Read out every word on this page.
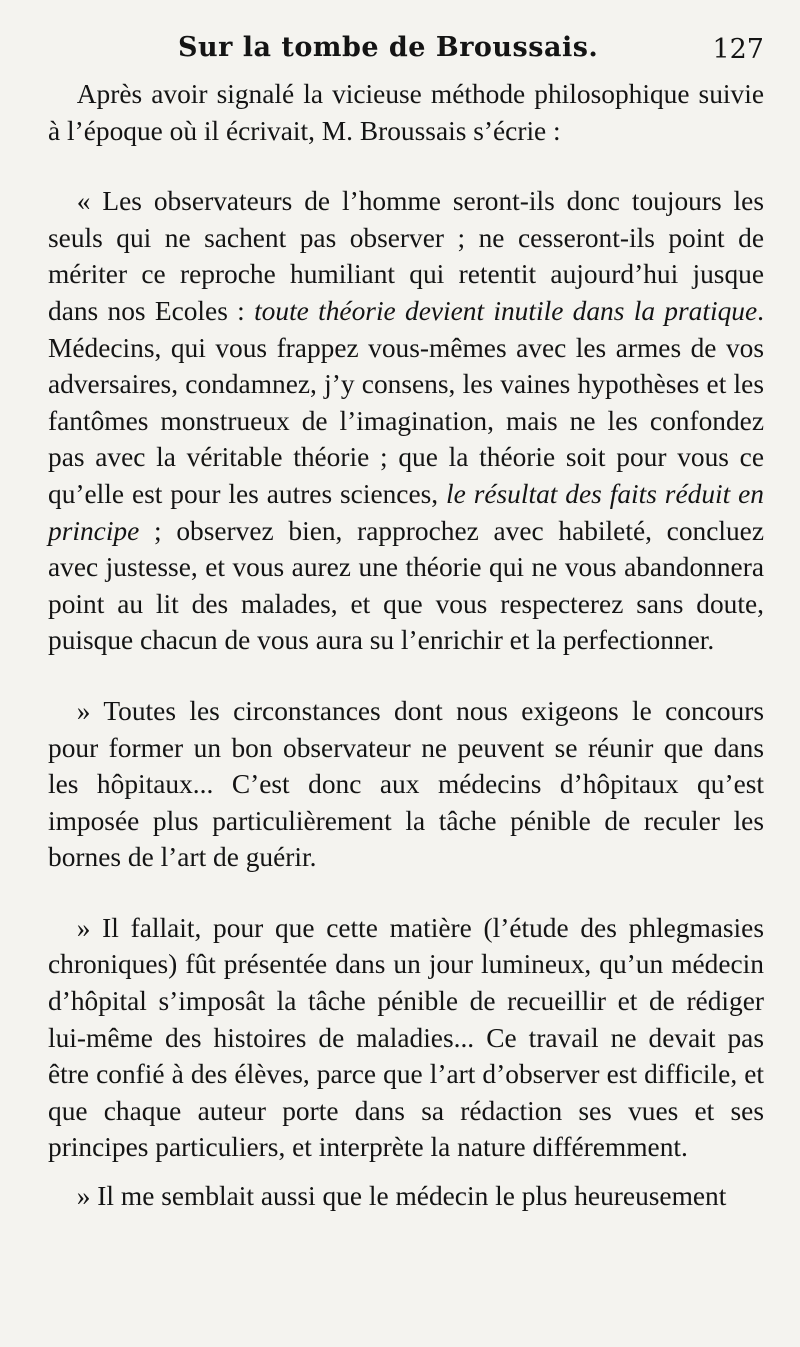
Sur la tombe de Broussais.	127

Après avoir signalé la vicieuse méthode philosophique suivie à l’époque où il écrivait, M. Broussais s’écrie :

« Les observateurs de l’homme seront-ils donc toujours les seuls qui ne sachent pas observer ; ne cesseront-ils point de mériter ce reproche humiliant qui retentit aujourd’hui jusque dans nos Ecoles : toute théorie devient inutile dans la pratique. Médecins, qui vous frappez vous-mêmes avec les armes de vos adversaires, condamnez, j’y consens, les vaines hypothèses et les fantômes monstrueux de l’imagination, mais ne les confondez pas avec la véritable théorie ; que la théorie soit pour vous ce qu’elle est pour les autres sciences, le résultat des faits réduit en principe ; observez bien, rapprochez avec habileté, concluez avec justesse, et vous aurez une théorie qui ne vous abandonnera point au lit des malades, et que vous respecterez sans doute, puisque chacun de vous aura su l’enrichir et la perfectionner.

» Toutes les circonstances dont nous exigeons le concours pour former un bon observateur ne peuvent se réunir que dans les hôpitaux... C’est donc aux médecins d’hôpitaux qu’est imposée plus particulièrement la tâche pénible de reculer les bornes de l’art de guérir.

» Il fallait, pour que cette matière (l’étude des phlegmasies chroniques) fût présentée dans un jour lumineux, qu’un médecin d’hôpital s’imposât la tâche pénible de recueillir et de rédiger lui-même des histoires de maladies... Ce travail ne devait pas être confié à des élèves, parce que l’art d’observer est difficile, et que chaque auteur porte dans sa rédaction ses vues et ses principes particuliers, et interprète la nature différemment.

» Il me semblait aussi que le médecin le plus heureusement
